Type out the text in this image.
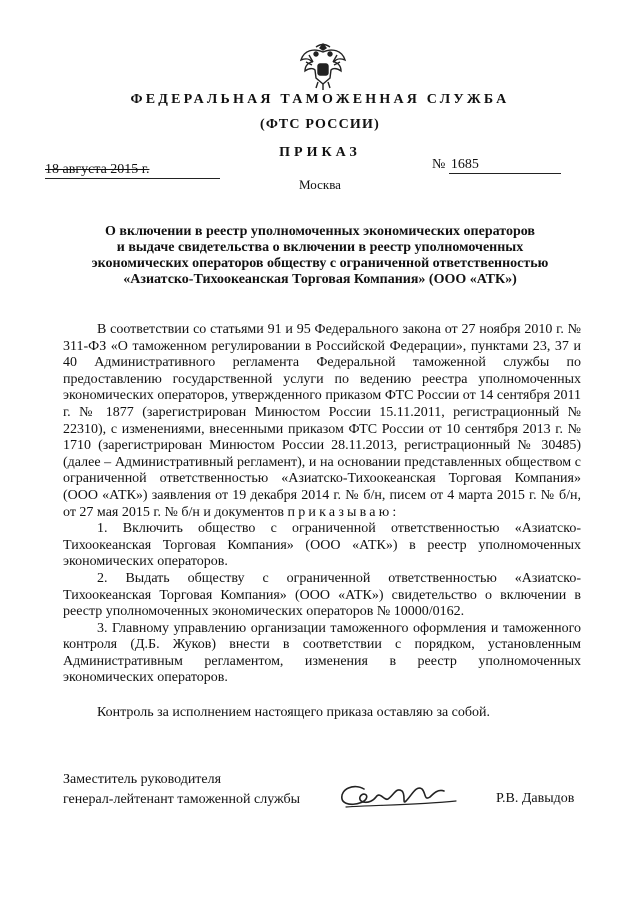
ФЕДЕРАЛЬНАЯ ТАМОЖЕННАЯ СЛУЖБА
(ФТС РОССИИ)
ПРИКАЗ
18 августа 2015 г.	№ 1685
Москва
О включении в реестр уполномоченных экономических операторов
и выдаче свидетельства о включении в реестр уполномоченных
экономических операторов обществу с ограниченной ответственностью
«Азиатско-Тихоокеанская Торговая Компания» (ООО «АТК»)

В соответствии со статьями 91 и 95 Федерального закона от 27 ноября 2010 г. № 311-ФЗ «О таможенном регулировании в Российской Федерации», пунктами 23, 37 и 40 Административного регламента Федеральной таможенной службы по предоставлению государственной услуги по ведению реестра уполномоченных экономических операторов, утвержденного приказом ФТС России от 14 сентября 2011 г. № 1877 (зарегистрирован Минюстом России 15.11.2011, регистрационный № 22310), с изменениями, внесенными приказом ФТС России от 10 сентября 2013 г. № 1710 (зарегистрирован Минюстом России 28.11.2013, регистрационный № 30485) (далее – Административный регламент), и на основании представленных обществом с ограниченной ответственностью «Азиатско-Тихоокеанская Торговая Компания» (ООО «АТК») заявления от 19 декабря 2014 г. № б/н, писем от 4 марта 2015 г. № б/н, от 27 мая 2015 г. № б/н и документов приказываю:

1. Включить общество с ограниченной ответственностью «Азиатско-Тихоокеанская Торговая Компания» (ООО «АТК») в реестр уполномоченных экономических операторов.

2. Выдать обществу с ограниченной ответственностью «Азиатско-Тихоокеанская Торговая Компания» (ООО «АТК») свидетельство о включении в реестр уполномоченных экономических операторов № 10000/0162.

3. Главному управлению организации таможенного оформления и таможенного контроля (Д.Б. Жуков) внести в соответствии с порядком, установленным Административным регламентом, изменения в реестр уполномоченных экономических операторов.

Контроль за исполнением настоящего приказа оставляю за собой.

Заместитель руководителя
генерал-лейтенант таможенной службы	Р.В. Давыдов
